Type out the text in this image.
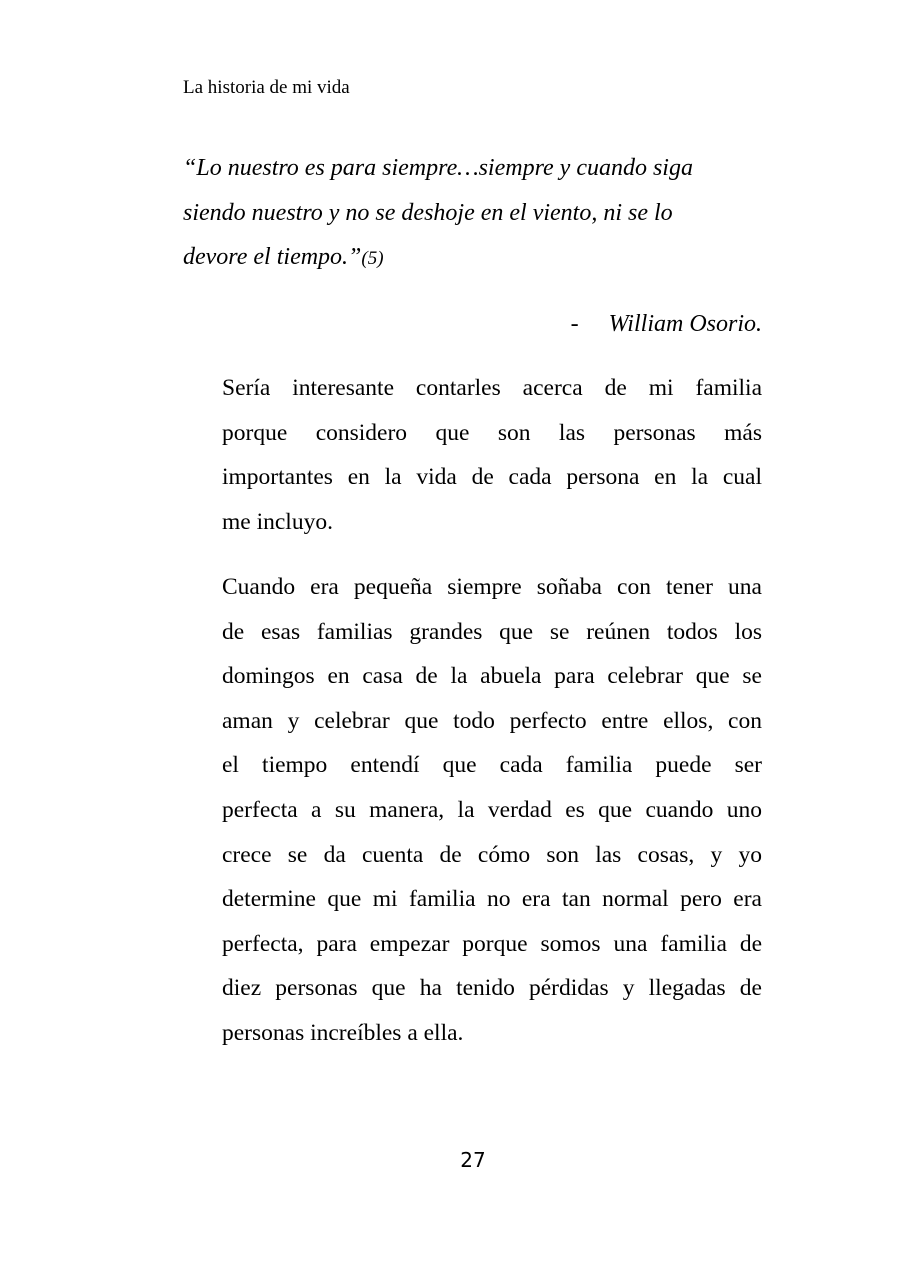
La historia de mi vida
“Lo nuestro es para siempre…siempre y cuando siga
siendo nuestro y no se deshoje en el viento, ni se lo
devore el tiempo.”(5)
- William Osorio.
Sería interesante contarles acerca de mi familia
porque considero que son las personas más
importantes en la vida de cada persona en la cual
me incluyo.
Cuando era pequeña siempre soñaba con tener una
de esas familias grandes que se reúnen todos los
domingos en casa de la abuela para celebrar que se
aman y celebrar que todo perfecto entre ellos, con
el tiempo entendí que cada familia puede ser
perfecta a su manera, la verdad es que cuando uno
crece se da cuenta de cómo son las cosas, y yo
determine que mi familia no era tan normal pero era
perfecta, para empezar porque somos una familia de
diez personas que ha tenido pérdidas y llegadas de
personas increíbles a ella.
27
